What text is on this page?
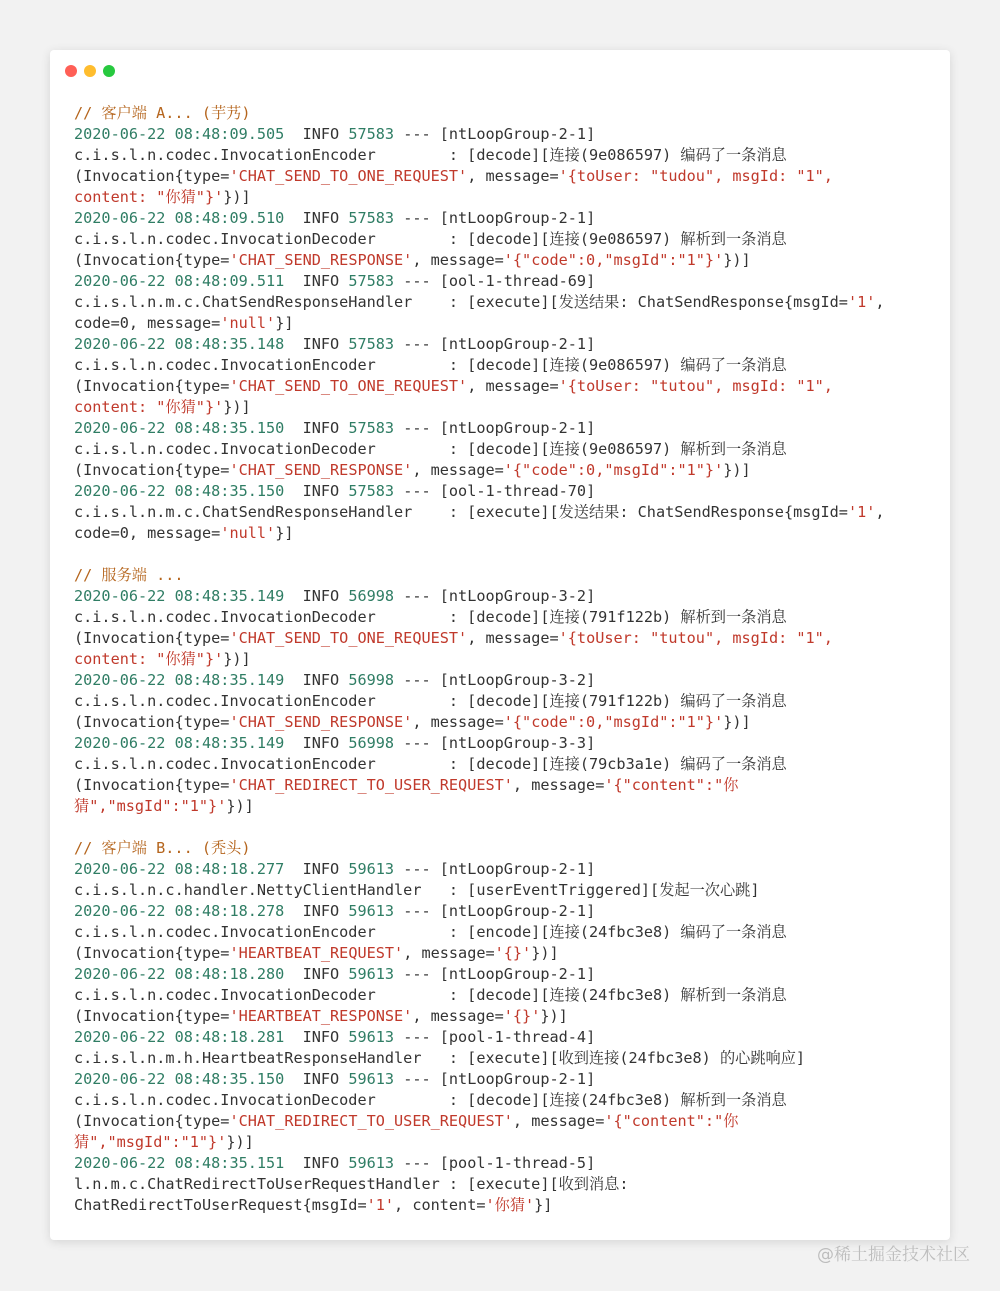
// 客户端 A... (芋艿)
2020-06-22 08:48:09.505  INFO 57583 --- [ntLoopGroup-2-1]
c.i.s.l.n.codec.InvocationEncoder        : [decode][连接(9e086597) 编码了一条消息
(Invocation{type='CHAT_SEND_TO_ONE_REQUEST', message='{toUser: "tudou", msgId: "1",
content: "你猜"}'})]
2020-06-22 08:48:09.510  INFO 57583 --- [ntLoopGroup-2-1]
c.i.s.l.n.codec.InvocationDecoder        : [decode][连接(9e086597) 解析到一条消息
(Invocation{type='CHAT_SEND_RESPONSE', message='{"code":0,"msgId":"1"}'})]
2020-06-22 08:48:09.511  INFO 57583 --- [ool-1-thread-69]
c.i.s.l.n.m.c.ChatSendResponseHandler    : [execute][发送结果: ChatSendResponse{msgId='1',
code=0, message='null'}]
2020-06-22 08:48:35.148  INFO 57583 --- [ntLoopGroup-2-1]
c.i.s.l.n.codec.InvocationEncoder        : [decode][连接(9e086597) 编码了一条消息
(Invocation{type='CHAT_SEND_TO_ONE_REQUEST', message='{toUser: "tutou", msgId: "1",
content: "你猜"}'})]
2020-06-22 08:48:35.150  INFO 57583 --- [ntLoopGroup-2-1]
c.i.s.l.n.codec.InvocationDecoder        : [decode][连接(9e086597) 解析到一条消息
(Invocation{type='CHAT_SEND_RESPONSE', message='{"code":0,"msgId":"1"}'})]
2020-06-22 08:48:35.150  INFO 57583 --- [ool-1-thread-70]
c.i.s.l.n.m.c.ChatSendResponseHandler    : [execute][发送结果: ChatSendResponse{msgId='1',
code=0, message='null'}]
// 服务端 ...
2020-06-22 08:48:35.149  INFO 56998 --- [ntLoopGroup-3-2]
c.i.s.l.n.codec.InvocationDecoder        : [decode][连接(791f122b) 解析到一条消息
(Invocation{type='CHAT_SEND_TO_ONE_REQUEST', message='{toUser: "tutou", msgId: "1",
content: "你猜"}'})]
2020-06-22 08:48:35.149  INFO 56998 --- [ntLoopGroup-3-2]
c.i.s.l.n.codec.InvocationEncoder        : [decode][连接(791f122b) 编码了一条消息
(Invocation{type='CHAT_SEND_RESPONSE', message='{"code":0,"msgId":"1"}'})]
2020-06-22 08:48:35.149  INFO 56998 --- [ntLoopGroup-3-3]
c.i.s.l.n.codec.InvocationEncoder        : [decode][连接(79cb3a1e) 编码了一条消息
(Invocation{type='CHAT_REDIRECT_TO_USER_REQUEST', message='{"content":"你
猜","msgId":"1"}'})]
// 客户端 B... (秃头)
2020-06-22 08:48:18.277  INFO 59613 --- [ntLoopGroup-2-1]
c.i.s.l.n.c.handler.NettyClientHandler   : [userEventTriggered][发起一次心跳]
2020-06-22 08:48:18.278  INFO 59613 --- [ntLoopGroup-2-1]
c.i.s.l.n.codec.InvocationEncoder        : [encode][连接(24fbc3e8) 编码了一条消息
(Invocation{type='HEARTBEAT_REQUEST', message='{}'})]
2020-06-22 08:48:18.280  INFO 59613 --- [ntLoopGroup-2-1]
c.i.s.l.n.codec.InvocationDecoder        : [decode][连接(24fbc3e8) 解析到一条消息
(Invocation{type='HEARTBEAT_RESPONSE', message='{}'})]
2020-06-22 08:48:18.281  INFO 59613 --- [pool-1-thread-4]
c.i.s.l.n.m.h.HeartbeatResponseHandler   : [execute][收到连接(24fbc3e8) 的心跳响应]
2020-06-22 08:48:35.150  INFO 59613 --- [ntLoopGroup-2-1]
c.i.s.l.n.codec.InvocationDecoder        : [decode][连接(24fbc3e8) 解析到一条消息
(Invocation{type='CHAT_REDIRECT_TO_USER_REQUEST', message='{"content":"你
猜","msgId":"1"}'})]
2020-06-22 08:48:35.151  INFO 59613 --- [pool-1-thread-5]
l.n.m.c.ChatRedirectToUserRequestHandler : [execute][收到消息:
ChatRedirectToUserRequest{msgId='1', content='你猜'}]
@稀土掘金技术社区
